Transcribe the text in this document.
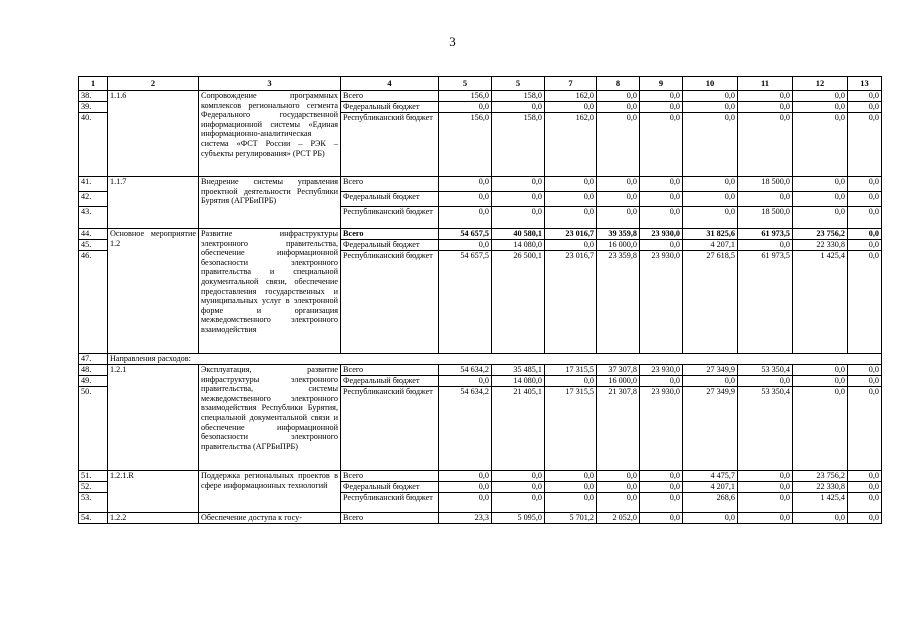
3
1	2	3	4	5	5	7	8	9	10	11	12	13
38.	1.1.6	Сопровождение программных комплексов регионального сегмента Федерального государственной информационной системы «Единая информационно-аналитическая система «ФСТ России – РЭК – субъекты регулирования» (РСТ РБ)	Всего	156,0	158,0	162,0	0,0	0,0	0,0	0,0	0,0	0,0
39.			Федеральный бюджет	0,0	0,0	0,0	0,0	0,0	0,0	0,0	0,0	0,0
40.			Республиканский бюджет	156,0	158,0	162,0	0,0	0,0	0,0	0,0	0,0	0,0
41.	1.1.7	Внедрение системы управления проектной деятельности Республики Бурятия (АГРБиПРБ)	Всего	0,0	0,0	0,0	0,0	0,0	0,0	18 500,0	0,0	0,0
42.			Федеральный бюджет	0,0	0,0	0,0	0,0	0,0	0,0	0,0	0,0	0,0
43.			Республиканский бюджет	0,0	0,0	0,0	0,0	0,0	0,0	18 500,0	0,0	0,0
44.	Основное мероприятие 1.2	Развитие инфраструктуры электронного правительства, обеспечение информационной безопасности электронного правительства и специальной документальной связи, обеспечение предоставления государственных и муниципальных услуг в электронной форме и организация межведомственного электронного взаимодействия	Всего	54 657,5	40 580,1	23 016,7	39 359,8	23 930,0	31 825,6	61 973,5	23 756,2	0,0
45.			Федеральный бюджет	0,0	14 080,0	0,0	16 000,0	0,0	4 207,1	0,0	22 330,8	0,0
46.			Республиканский бюджет	54 657,5	26 500,1	23 016,7	23 359,8	23 930,0	27 618,5	61 973,5	1 425,4	0,0
47.	Направления расходов:											
48.	1.2.1	Эксплуатация, развитие инфраструктуры электронного правительства, системы межведомственного электронного взаимодействия Республики Бурятия, специальной документальной связи и обеспечение информационной безопасности электронного правительства (АГРБиПРБ)	Всего	54 634,2	35 485,1	17 315,5	37 307,8	23 930,0	27 349,9	53 350,4	0,0	0,0
49.			Федеральный бюджет	0,0	14 080,0	0,0	16 000,0	0,0	0,0	0,0	0,0	0,0
50.			Республиканский бюджет	54 634,2	21 405,1	17 315,5	21 307,8	23 930,0	27 349,9	53 350,4	0,0	0,0
51.	1.2.1.R	Поддержка региональных проектов в сфере информационных технологий	Всего	0,0	0,0	0,0	0,0	0,0	4 475,7	0,0	23 756,2	0,0
52.			Федеральный бюджет	0,0	0,0	0,0	0,0	0,0	4 207,1	0,0	22 330,8	0,0
53.			Республиканский бюджет	0,0	0,0	0,0	0,0	0,0	268,6	0,0	1 425,4	0,0
54.	1.2.2	Обеспечение доступа к госу-	Всего	23,3	5 095,0	5 701,2	2 052,0	0,0	0,0	0,0	0,0	0,0
